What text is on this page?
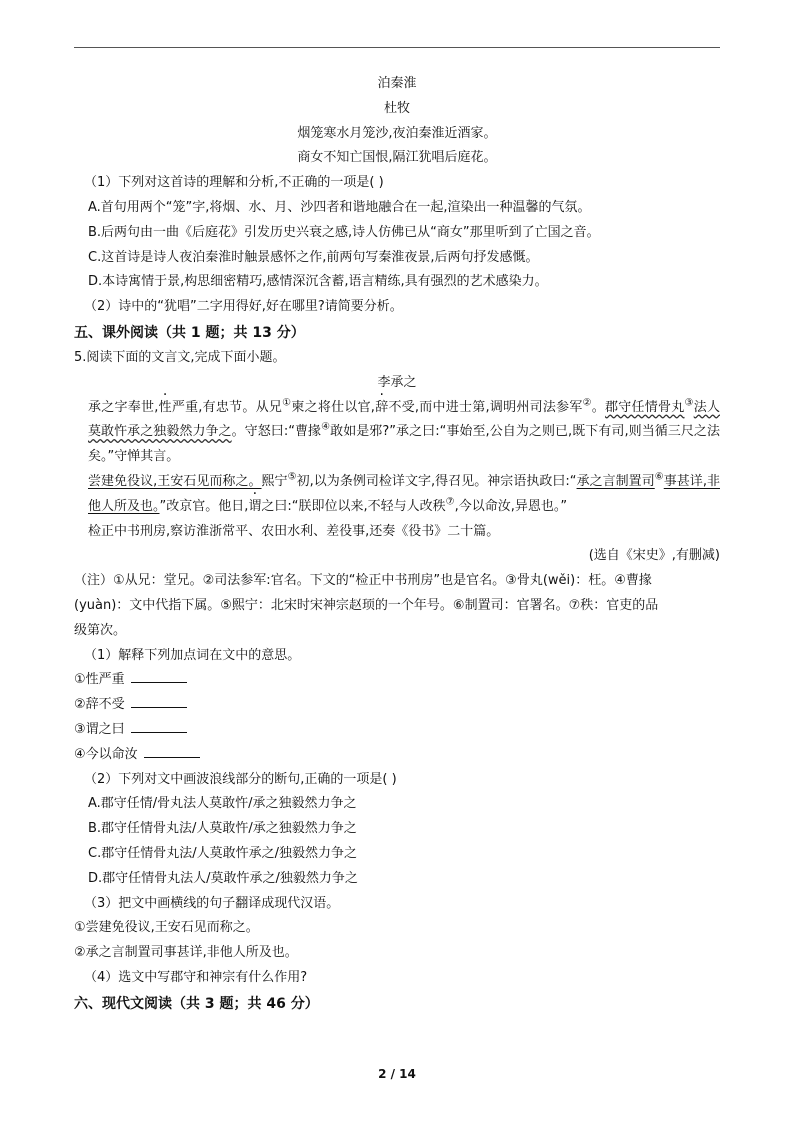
泊秦淮
杜牧
烟笼寒水月笼沙,夜泊秦淮近酒家。
商女不知亡国恨,隔江犹唱后庭花。
（1）下列对这首诗的理解和分析,不正确的一项是( )
A.首句用两个“笼”字,将烟、水、月、沙四者和谐地融合在一起,渲染出一种温馨的气氛。
B.后两句由一曲《后庭花》引发历史兴衰之感,诗人仿佛已从“商女”那里听到了亡国之音。
C.这首诗是诗人夜泊秦淮时触景感怀之作,前两句写秦淮夜景,后两句抒发感慨。
D.本诗寓情于景,构思细密精巧,感情深沉含蓄,语言精练,具有强烈的艺术感染力。
（2）诗中的“犹唱”二字用得好,好在哪里?请简要分析。
五、课外阅读（共 1 题；共 13 分）
5.阅读下面的文言文,完成下面小题。
李承之
承之字奉世,性严重,有忠节。从兄①柬之将仕以官,辞不受,而中进士第,调明州司法参军②。郡守任情骨丸③法人莫敢忤承之独毅然力争之。守怒曰:“曹掾④敢如是邪?”承之曰:“事始至,公自为之则已,既下有司,则当循三尺之法矣。”守惮其言。
尝建免役议,王安石见而称之。熙宁⑤初,以为条例司检详文字,得召见。神宗语执政曰:“承之言制置司⑥事甚详,非他人所及也。”改京官。他日,谓之曰:“朕即位以来,不轻与人改秩⑦,今以命汝,异恩也。”
检正中书刑房,察访淮浙常平、农田水利、差役事,还奏《役书》二十篇。
(选自《宋史》,有删减)
（注）①从兄：堂兄。②司法参军:官名。下文的“检正中书刑房”也是官名。③骨丸(wěi)：枉。④曹掾
(yuàn)：文中代指下属。⑤熙宁：北宋时宋神宗赵顼的一个年号。⑥制置司：官署名。⑦秩：官吏的品
级第次。
（1）解释下列加点词在文中的意思。
①性严重
②辞不受
③谓之曰
④今以命汝
（2）下列对文中画波浪线部分的断句,正确的一项是( )
A.郡守任情/骨丸法人莫敢忤/承之独毅然力争之
B.郡守任情骨丸法/人莫敢忤/承之独毅然力争之
C.郡守任情骨丸法/人莫敢忤承之/独毅然力争之
D.郡守任情骨丸法人/莫敢忤承之/独毅然力争之
（3）把文中画横线的句子翻译成现代汉语。
①尝建免役议,王安石见而称之。
②承之言制置司事甚详,非他人所及也。
（4）选文中写郡守和神宗有什么作用?
六、现代文阅读（共 3 题；共 46 分）
2 / 14
